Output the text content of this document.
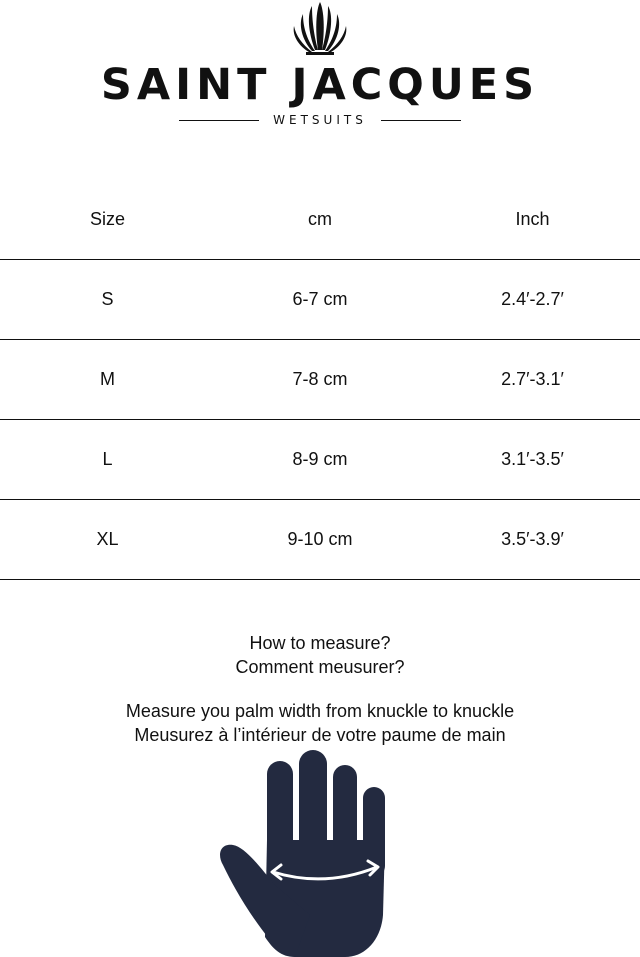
SAINT JACQUES
WETSUITS
Size	cm	Inch
S	6-7 cm	2.4′-2.7′
M	7-8 cm	2.7′-3.1′
L	8-9 cm	3.1′-3.5′
XL	9-10 cm	3.5′-3.9′
How to measure?
Comment meusurer?
Measure you palm width from knuckle to knuckle
Meusurez à l’intérieur de votre paume de main
